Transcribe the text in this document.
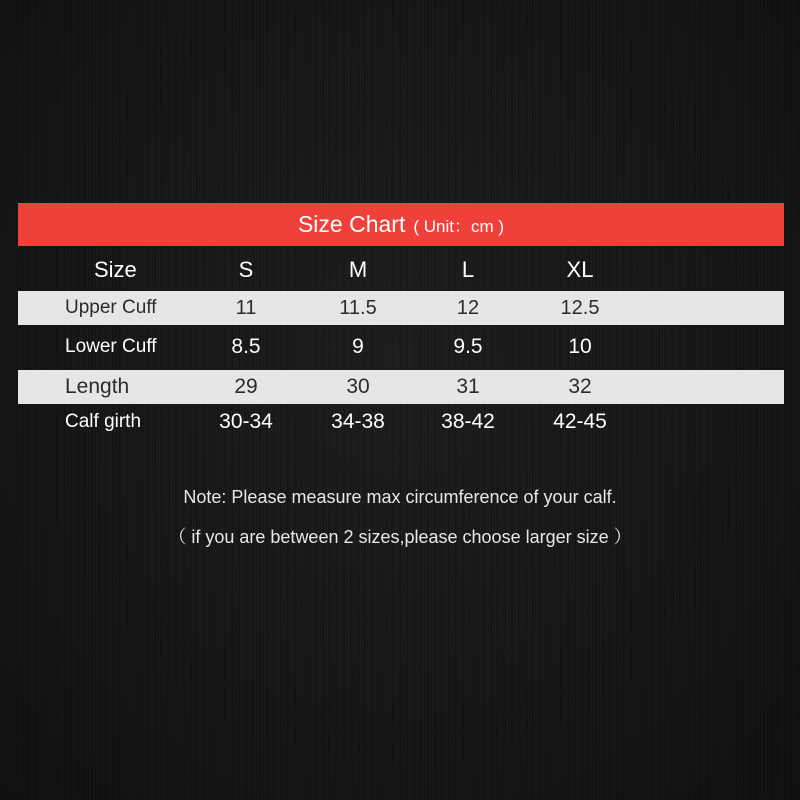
Size Chart ( Unit：cm )
Size	S	M	L	XL
Upper Cuff	11	11.5	12	12.5
Lower Cuff	8.5	9	9.5	10
Length	29	30	31	32
Calf girth	30-34	34-38	38-42	42-45
Note: Please measure max circumference of your calf.
（ if you are between 2 sizes,please choose larger size ）
